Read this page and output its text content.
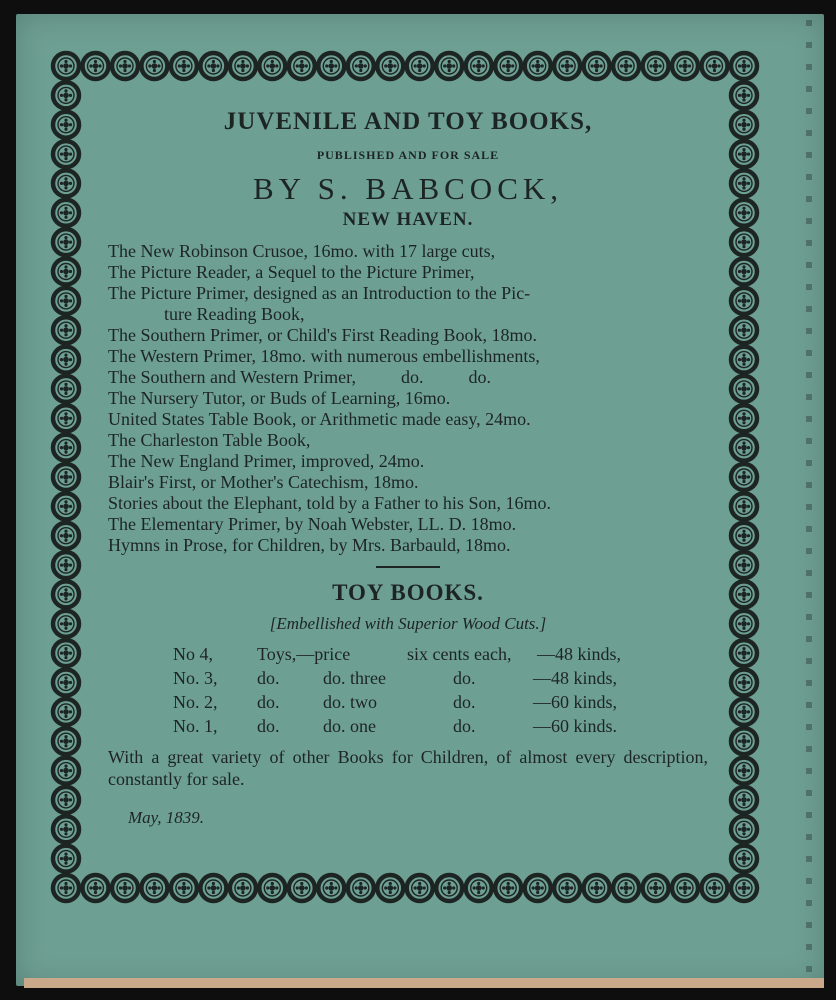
JUVENILE AND TOY BOOKS,
PUBLISHED AND FOR SALE
BY S. BABCOCK,
NEW HAVEN.
The New Robinson Crusoe, 16mo. with 17 large cuts,
The Picture Reader, a Sequel to the Picture Primer,
The Picture Primer, designed as an Introduction to the Pic-
ture Reading Book,
The Southern Primer, or Child's First Reading Book, 18mo.
The Western Primer, 18mo. with numerous embellishments,
The Southern and Western Primer,          do.          do.
The Nursery Tutor, or Buds of Learning, 16mo.
United States Table Book, or Arithmetic made easy, 24mo.
The Charleston Table Book,
The New England Primer, improved, 24mo.
Blair's First, or Mother's Catechism, 18mo.
Stories about the Elephant, told by a Father to his Son, 16mo.
The Elementary Primer, by Noah Webster, LL. D. 18mo.
Hymns in Prose, for Children, by Mrs. Barbauld, 18mo.
TOY BOOKS.
[Embellished with Superior Wood Cuts.]
No 4,	Toys,—price	six cents each,	—48 kinds,
No. 3,	do.	do. three	do.	—48 kinds,
No. 2,	do.	do. two	do.	—60 kinds,
No. 1,	do.	do. one	do.	—60 kinds.
With a great variety of other Books for Children, of almost every description, constantly for sale.
May, 1839.
